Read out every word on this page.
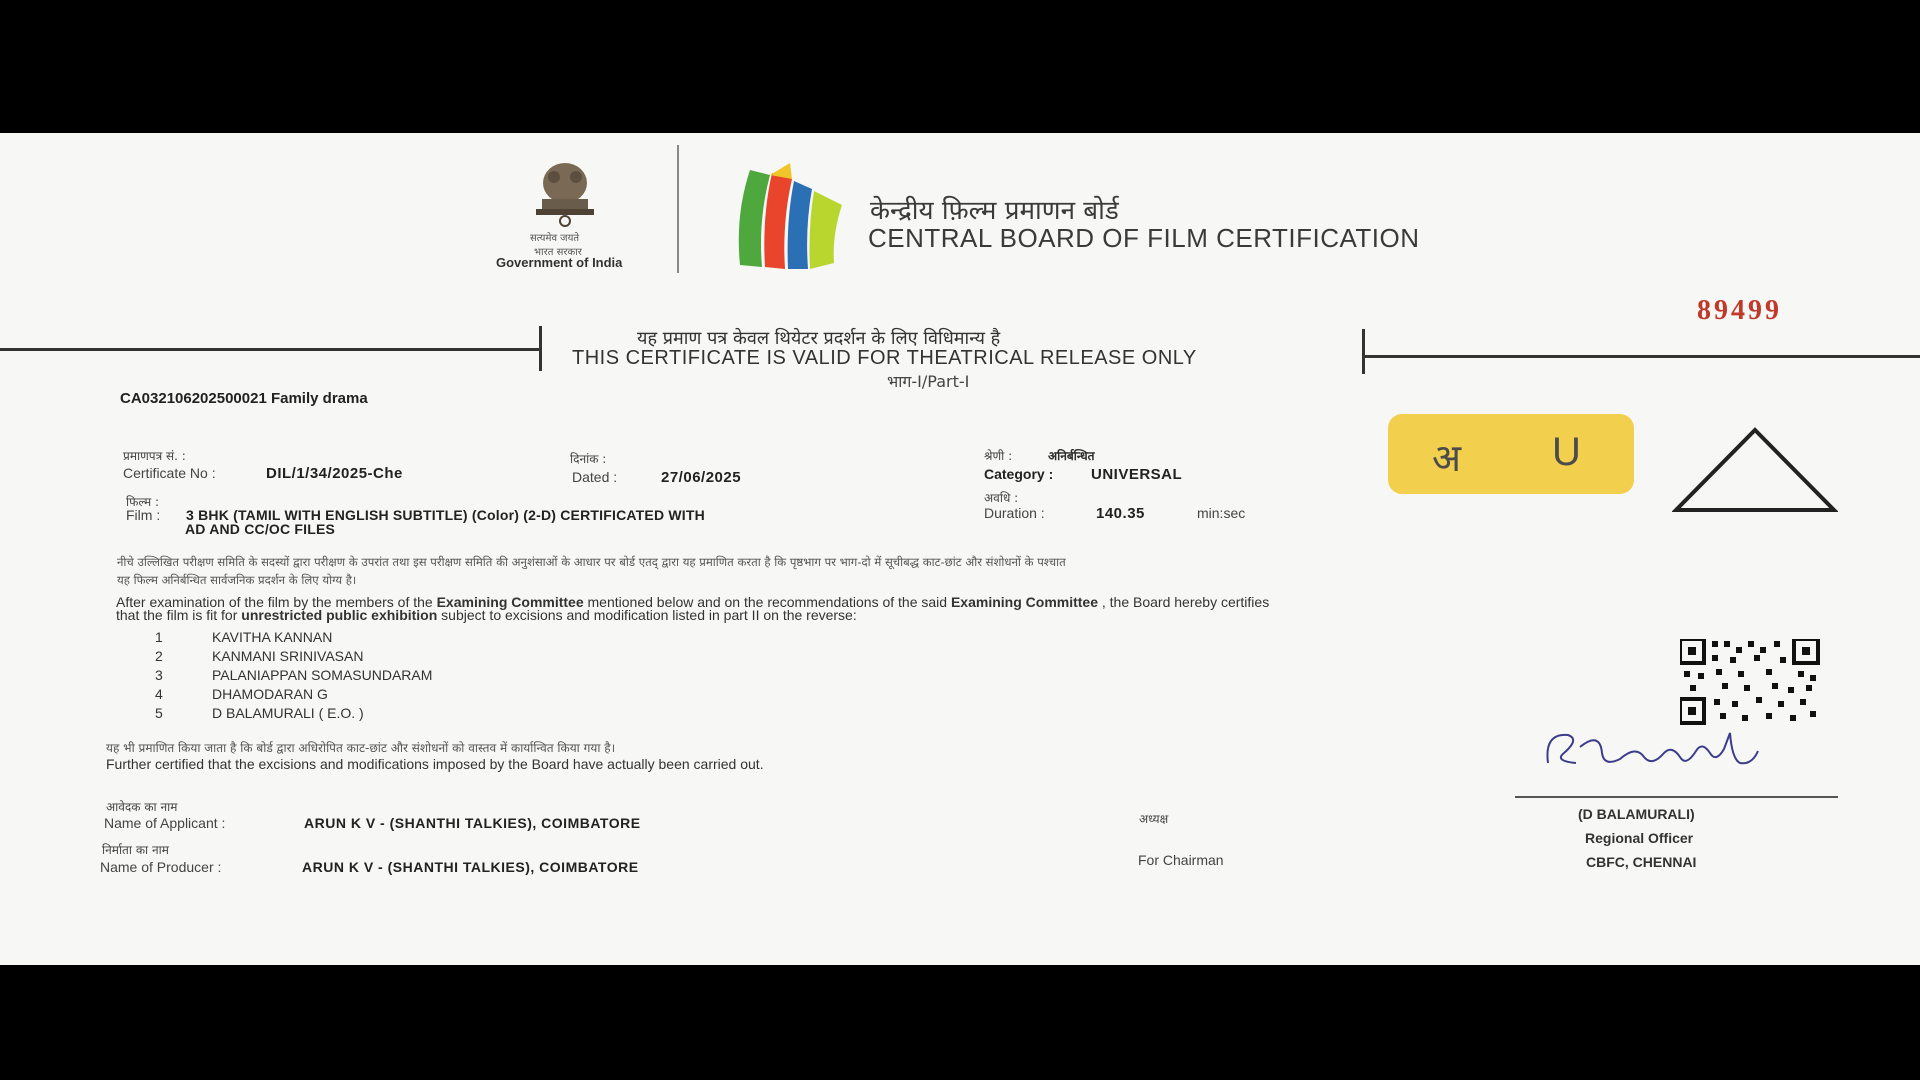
सत्यमेव जयते
भारत सरकार
Government of India
केन्द्रीय फ़िल्म प्रमाणन बोर्ड
CENTRAL BOARD OF FILM CERTIFICATION
89499
यह प्रमाण पत्र केवल थियेटर प्रदर्शन के लिए विधिमान्य है
THIS CERTIFICATE IS VALID FOR THEATRICAL RELEASE ONLY
भाग-I/Part-I
CA032106202500021 Family drama
प्रमाणपत्र सं. :
Certificate No :	DIL/1/34/2025-Che
दिनांक :
Dated :	27/06/2025
श्रेणी :	अनिर्बन्धित
Category :	UNIVERSAL	अ U
फिल्म :
Film : 3 BHK (TAMIL WITH ENGLISH SUBTITLE) (Color) (2-D) CERTIFICATED WITH
AD AND CC/OC FILES
अवधि :
Duration :	140.35	min:sec
नीचे उल्लिखित परीक्षण समिति के सदस्यों द्वारा परीक्षण के उपरांत तथा इस परीक्षण समिति की अनुशंसाओं के आधार पर बोर्ड एतद् द्वारा यह प्रमाणित करता है कि पृष्ठभाग पर भाग-दो में सूचीबद्ध काट-छांट और संशोधनों के पश्चात
यह फिल्म अनिर्बन्धित सार्वजनिक प्रदर्शन के लिए योग्य है।
After examination of the film by the members of the Examining Committee mentioned below and on the recommendations of the said Examining Committee , the Board hereby certifies
that the film is fit for unrestricted public exhibition subject to excisions and modification listed in part II on the reverse:
1	KAVITHA KANNAN
2	KANMANI SRINIVASAN
3	PALANIAPPAN SOMASUNDARAM
4	DHAMODARAN G
5	D BALAMURALI ( E.O. )
यह भी प्रमाणित किया जाता है कि बोर्ड द्वारा अधिरोपित काट-छांट और संशोधनों को वास्तव में कार्यान्वित किया गया है।
Further certified that the excisions and modifications imposed by the Board have actually been carried out.
आवेदक का नाम
Name of Applicant :	ARUN K V - (SHANTHI TALKIES), COIMBATORE
निर्माता का नाम
Name of Producer :	ARUN K V - (SHANTHI TALKIES), COIMBATORE
अध्यक्ष
For Chairman
(D BALAMURALI)
Regional Officer
CBFC, CHENNAI
